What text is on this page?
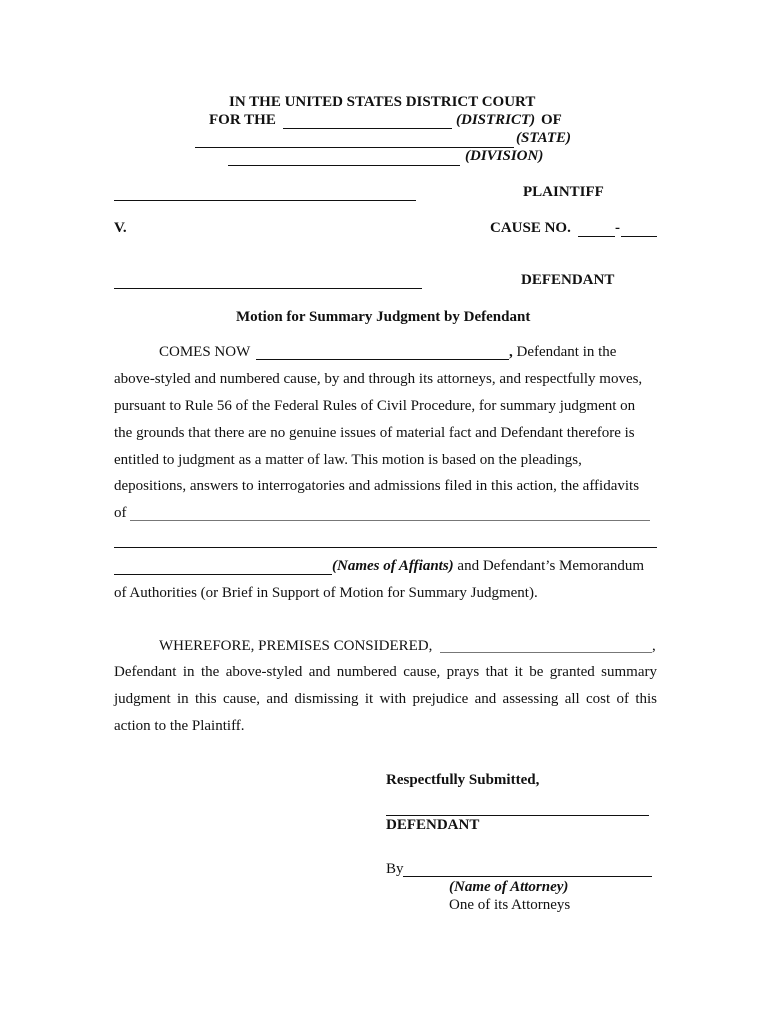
IN THE UNITED STATES DISTRICT COURT
FOR THE	(DISTRICT) OF
(STATE)
(DIVISION)
PLAINTIFF
V.	CAUSE NO.	-
DEFENDANT
Motion for Summary Judgment by Defendant
COMES NOW	, Defendant in the
above-styled and numbered cause, by and through its attorneys, and respectfully moves,
pursuant to Rule 56 of the Federal Rules of Civil Procedure, for summary judgment on
the grounds that there are no genuine issues of material fact and Defendant therefore is
entitled to judgment as a matter of law. This motion is based on the pleadings,
depositions, answers to interrogatories and admissions filed in this action, the affidavits
of
(Names of Affiants) and Defendant’s Memorandum
of Authorities (or Brief in Support of Motion for Summary Judgment).
WHEREFORE, PREMISES CONSIDERED,	,
Defendant in the above-styled and numbered cause, prays that it be granted summary
judgment in this cause, and dismissing it with prejudice and assessing all cost of this
action to the Plaintiff.
Respectfully Submitted,
DEFENDANT
By
(Name of Attorney)
One of its Attorneys
